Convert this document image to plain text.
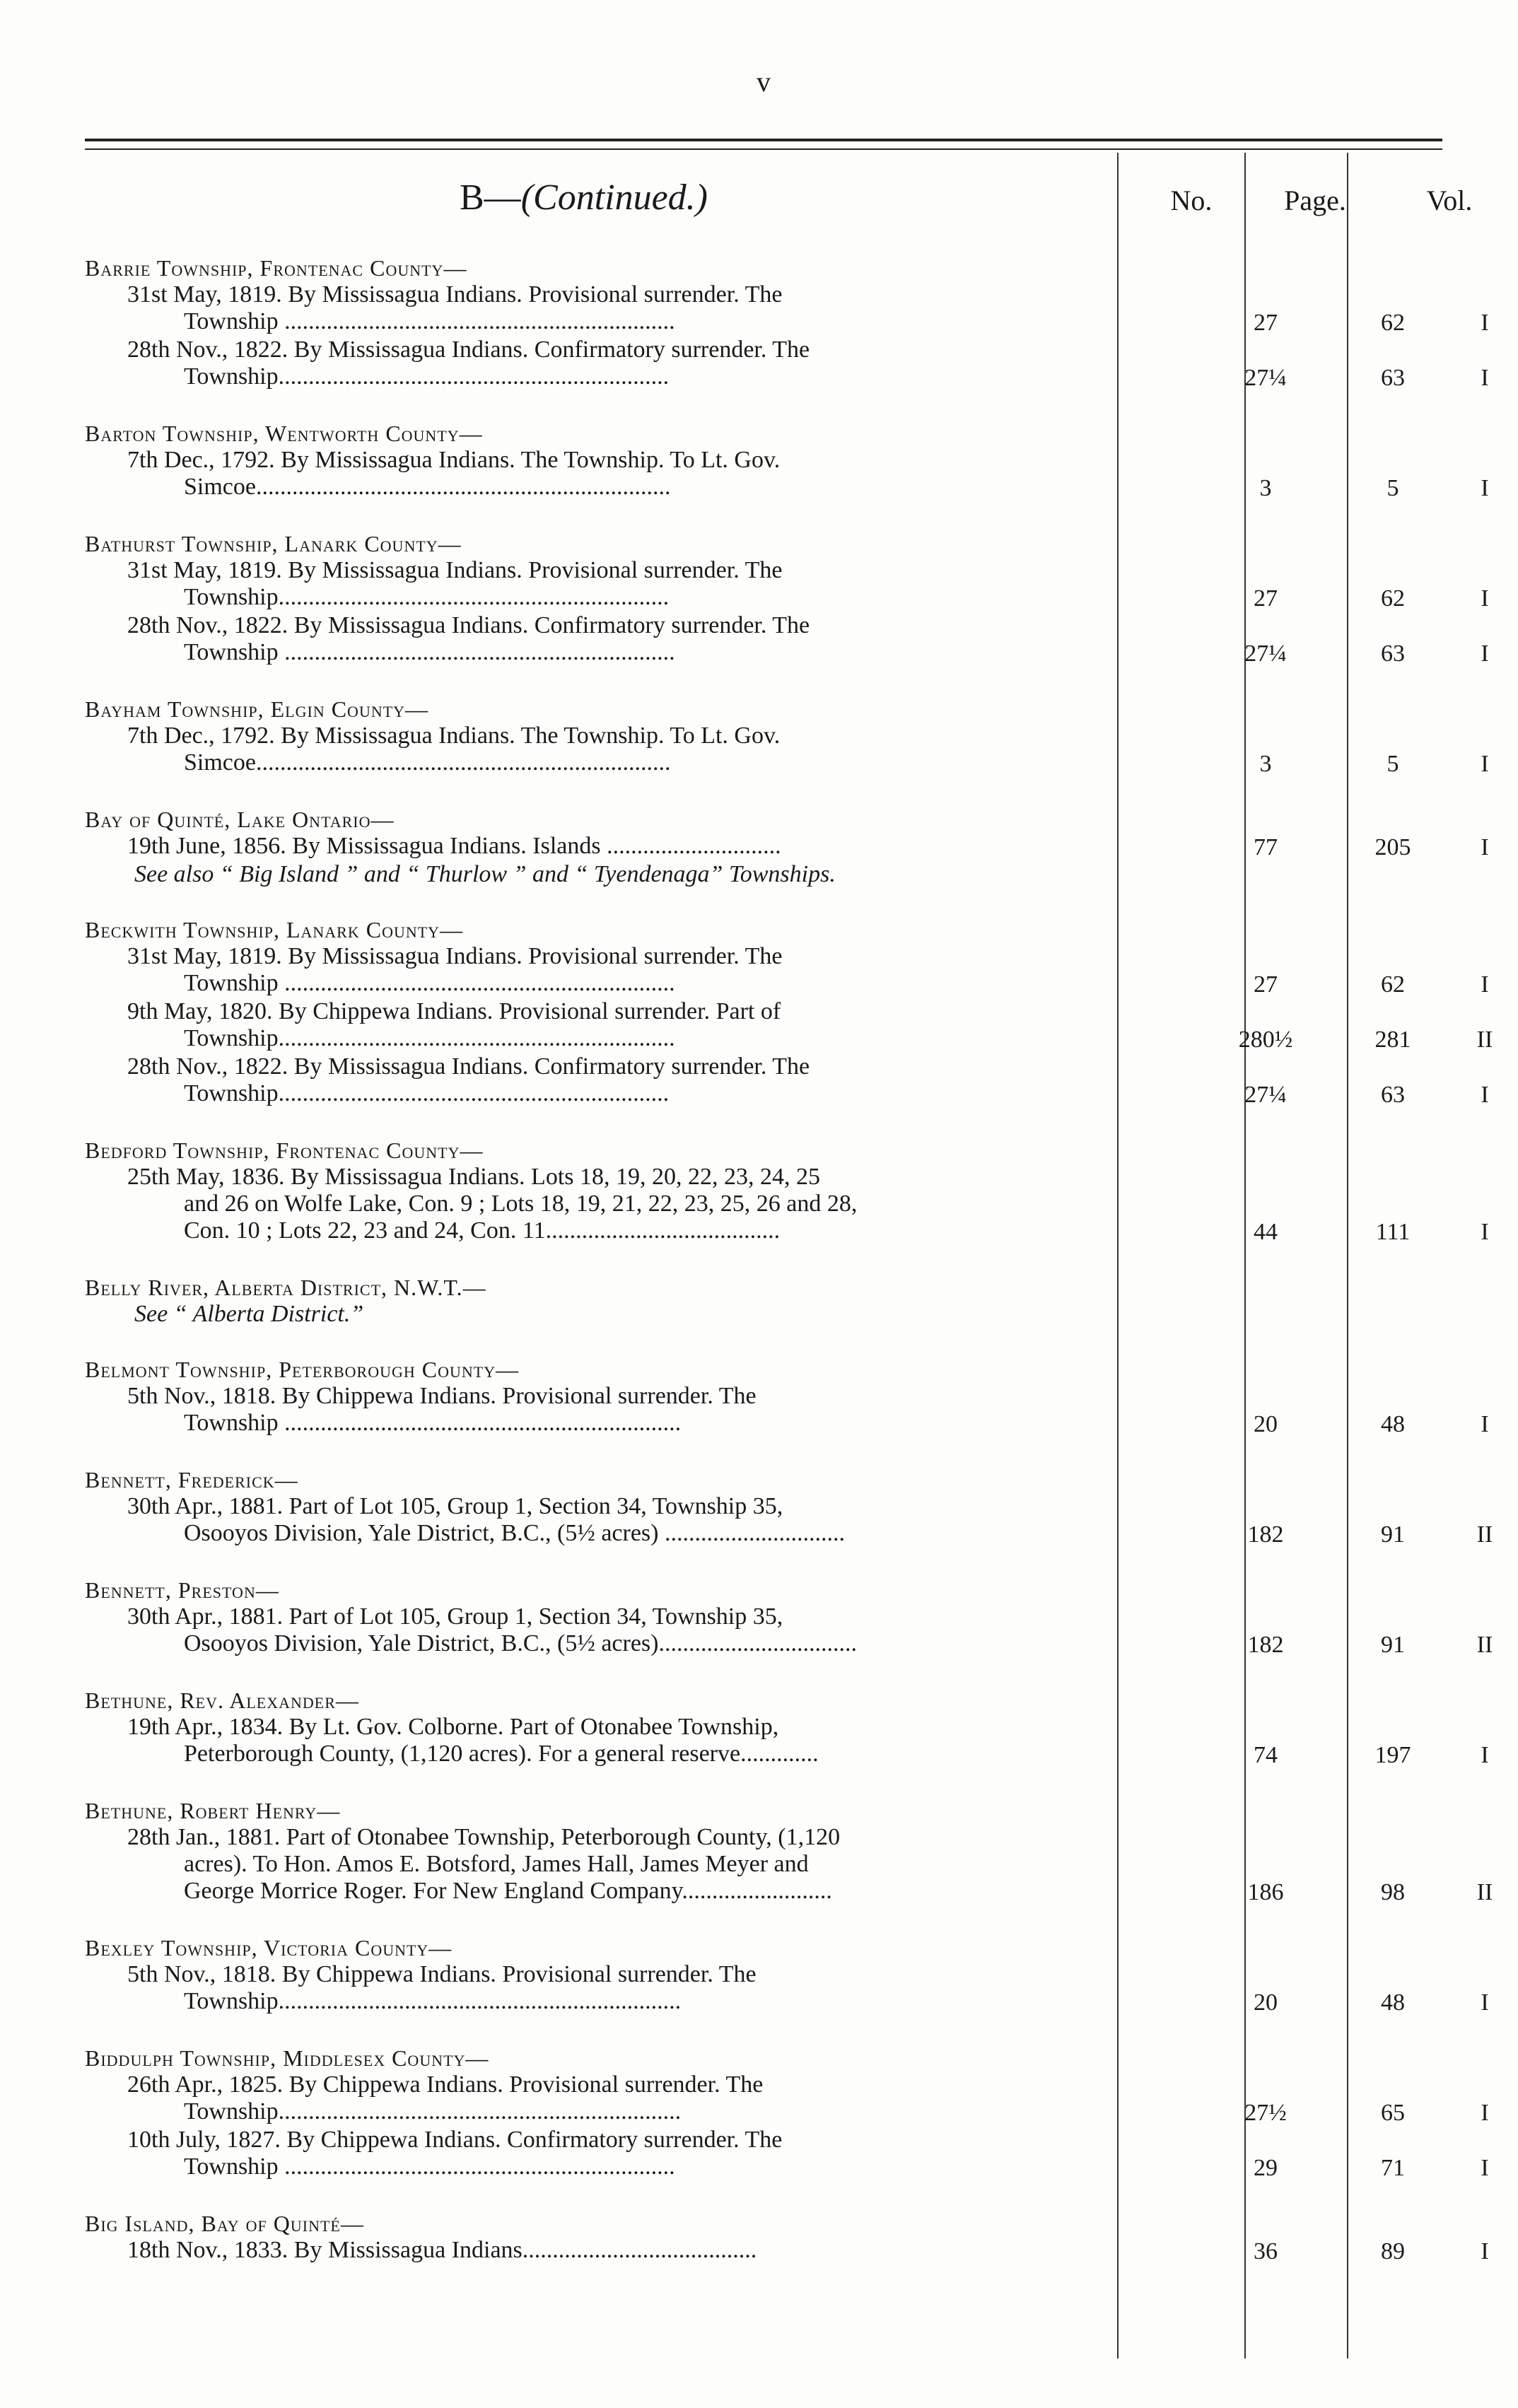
v
B—(Continued.)	No.	Page.	Vol.
Barrie Township, Frontenac County—
31st May, 1819. By Mississagua Indians. Provisional surrender. The
Township .................................................................	27	62	I
28th Nov., 1822. By Mississagua Indians. Confirmatory surrender. The
Township.................................................................	27¼	63	I
Barton Township, Wentworth County—
7th Dec., 1792. By Mississagua Indians. The Township. To Lt. Gov.
Simcoe.....................................................................	3	5	I
Bathurst Township, Lanark County—
31st May, 1819. By Mississagua Indians. Provisional surrender. The
Township.................................................................	27	62	I
28th Nov., 1822. By Mississagua Indians. Confirmatory surrender. The
Township .................................................................	27¼	63	I
Bayham Township, Elgin County—
7th Dec., 1792. By Mississagua Indians. The Township. To Lt. Gov.
Simcoe.....................................................................	3	5	I
Bay of Quinté, Lake Ontario—
19th June, 1856. By Mississagua Indians. Islands .............................	77	205	I
See also “ Big Island ” and “ Thurlow ” and “ Tyendenaga” Townships.
Beckwith Township, Lanark County—
31st May, 1819. By Mississagua Indians. Provisional surrender. The
Township .................................................................	27	62	I
9th May, 1820. By Chippewa Indians. Provisional surrender. Part of
Township..................................................................	280½	281	II
28th Nov., 1822. By Mississagua Indians. Confirmatory surrender. The
Township.................................................................	27¼	63	I
Bedford Township, Frontenac County—
25th May, 1836. By Mississagua Indians. Lots 18, 19, 20, 22, 23, 24, 25
and 26 on Wolfe Lake, Con. 9 ; Lots 18, 19, 21, 22, 23, 25, 26 and 28,
Con. 10 ; Lots 22, 23 and 24, Con. 11.......................................	44	111	I
Belly River, Alberta District, N.W.T.—
See “ Alberta District.”
Belmont Township, Peterborough County—
5th Nov., 1818. By Chippewa Indians. Provisional surrender. The
Township ..................................................................	20	48	I
Bennett, Frederick—
30th Apr., 1881. Part of Lot 105, Group 1, Section 34, Township 35,
Osooyos Division, Yale District, B.C., (5½ acres) ..............................	182	91	II
Bennett, Preston—
30th Apr., 1881. Part of Lot 105, Group 1, Section 34, Township 35,
Osooyos Division, Yale District, B.C., (5½ acres).................................	182	91	II
Bethune, Rev. Alexander—
19th Apr., 1834. By Lt. Gov. Colborne. Part of Otonabee Township,
Peterborough County, (1,120 acres). For a general reserve.............	74	197	I
Bethune, Robert Henry—
28th Jan., 1881. Part of Otonabee Township, Peterborough County, (1,120
acres). To Hon. Amos E. Botsford, James Hall, James Meyer and
George Morrice Roger. For New England Company.........................	186	98	II
Bexley Township, Victoria County—
5th Nov., 1818. By Chippewa Indians. Provisional surrender. The
Township...................................................................	20	48	I
Biddulph Township, Middlesex County—
26th Apr., 1825. By Chippewa Indians. Provisional surrender. The
Township...................................................................	27½	65	I
10th July, 1827. By Chippewa Indians. Confirmatory surrender. The
Township .................................................................	29	71	I
Big Island, Bay of Quinté—
18th Nov., 1833. By Mississagua Indians.......................................	36	89	I
